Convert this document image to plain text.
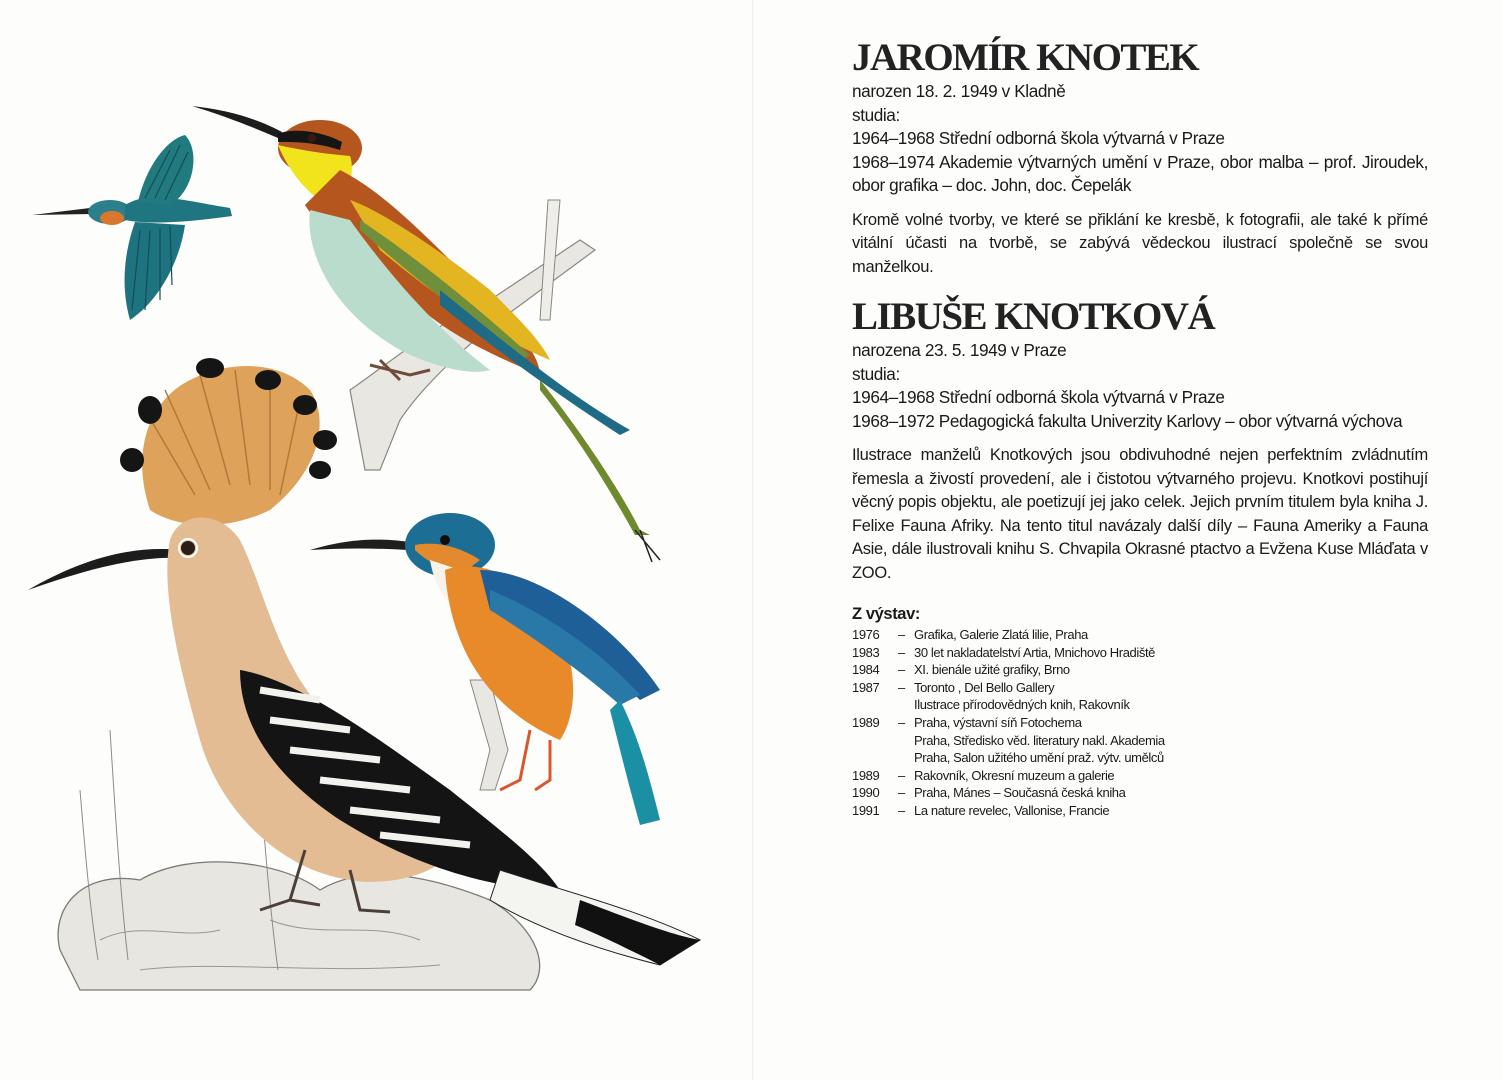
JAROMÍR KNOTEK

narozen 18. 2. 1949 v Kladně

studia:

1964–1968 Střední odborná škola výtvarná v Praze

1968–1974 Akademie výtvarných umění v Praze, obor malba – prof. Jiroudek, obor grafika – doc. John, doc. Čepelák

Kromě volné tvorby, ve které se přiklání ke kresbě, k fotografii, ale také k přímé vitální účasti na tvorbě, se zabývá vědeckou ilustrací společně se svou manželkou.

LIBUŠE KNOTKOVÁ

narozena 23. 5. 1949 v Praze

studia:

1964–1968 Střední odborná škola výtvarná v Praze

1968–1972 Pedagogická fakulta Univerzity Karlovy – obor výtvarná výchova

Ilustrace manželů Knotkových jsou obdivuhodné nejen perfektním zvládnutím řemesla a živostí provedení, ale i čistotou výtvarného projevu. Knotkovi postihují věcný popis objektu, ale poetizují jej jako celek. Jejich prvním titulem byla kniha J. Felixe Fauna Afriky. Na tento titul navázaly další díly – Fauna Ameriky a Fauna Asie, dále ilustrovali knihu S. Chvapila Okrasné ptactvo a Evžena Kuse Mláďata v ZOO.

Z výstav:

1976	– Grafika, Galerie Zlatá lilie, Praha
1983	– 30 let nakladatelství Artia, Mnichovo Hradiště
1984	– XI. bienále užité grafiky, Brno
1987	– Toronto , Del Bello Gallery
Ilustrace přírodovědných knih, Rakovník
1989	– Praha, výstavní síň Fotochema
Praha, Středisko věd. literatury nakl. Akademia
Praha, Salon užitého umění praž. výtv. umělců
1989	– Rakovník, Okresní muzeum a galerie
1990	– Praha, Mánes – Současná česká kniha
1991	– La nature revelec, Vallonise, Francie
